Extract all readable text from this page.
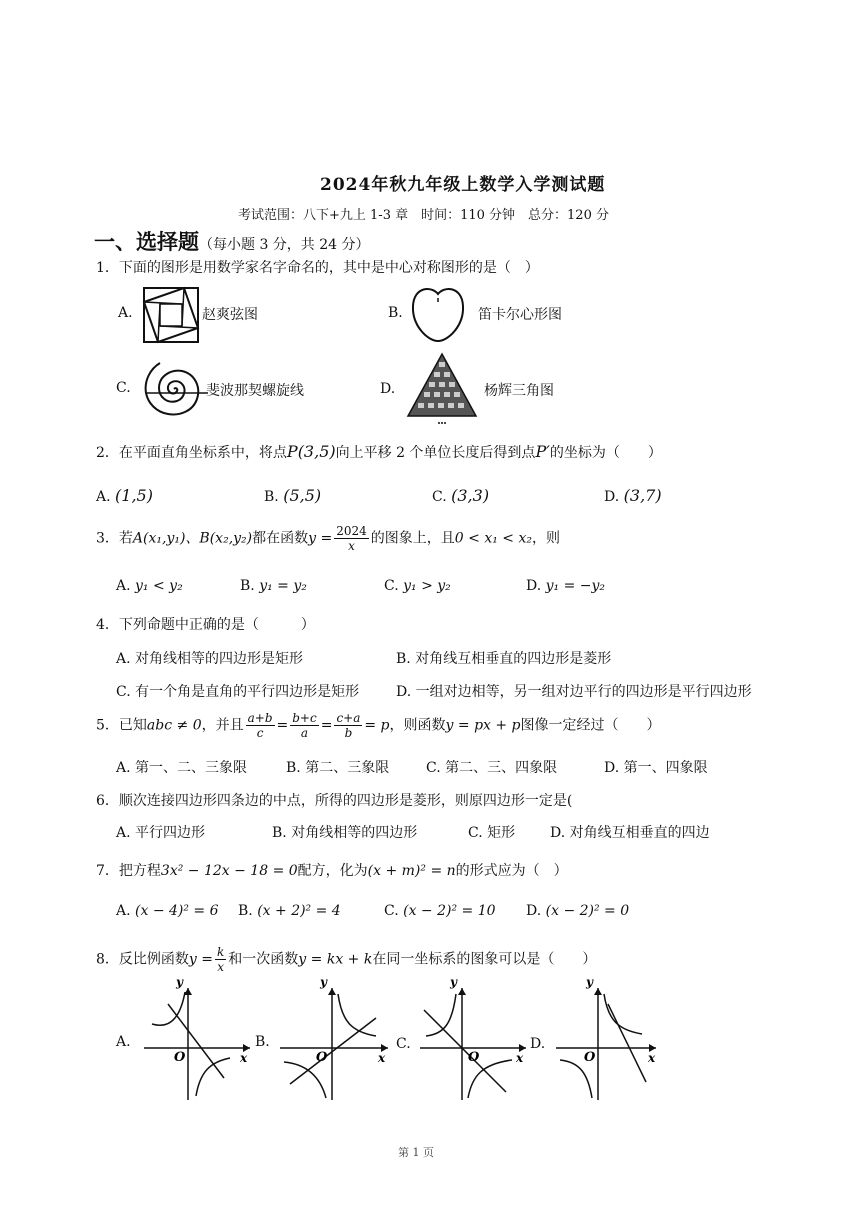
2024年秋九年级上数学入学测试题
考试范围：八下+九上 1-3 章　时间：110 分钟　总分：120 分
一、选择题（每小题 3 分，共 24 分）
1．下面的图形是用数学家名字命名的，其中是中心对称图形的是（　）
A.	赵爽弦图	B.	笛卡尔心形图
C.	斐波那契螺旋线	D.	杨辉三角图
2．在平面直角坐标系中，将点P(3,5)向上平移 2 个单位长度后得到点P′的坐标为（　　）
A. (1,5)	B. (5,5)	C. (3,3)	D. (3,7)
3．若A(x₁,y₁)、B(x₂,y₂)都在函数$y = \frac{2024}{x}$ 的图象上，且0 < x₁ < x₂，则
A. y₁ < y₂	B. y₁ = y₂	C. y₁ > y₂	D. y₁ = −y₂
4．下列命题中正确的是（　　　）
A. 对角线相等的四边形是矩形	B. 对角线互相垂直的四边形是菱形
C. 有一个角是直角的平行四边形是矩形	D. 一组对边相等，另一组对边平行的四边形是平行四边形
5．已知abc ≠ 0，并且 $\frac{a+b}{c} = \frac{b+c}{a} = \frac{c+a}{b} = p$，则函数y = px + p图像一定经过（　　）
A. 第一、二、三象限	B. 第二、三象限	C. 第二、三、四象限	D. 第一、四象限
6．顺次连接四边形四条边的中点，所得的四边形是菱形，则原四边形一定是(
A. 平行四边形	B. 对角线相等的四边形	C. 矩形 D. 对角线互相垂直的四边
7．把方程3x² − 12x − 18 = 0配方，化为(x + m)² = n的形式应为（　）
A. (x − 4)² = 6 B. (x + 2)² = 4	C. (x − 2)² = 10 D. (x − 2)² = 0
8．反比例函数$y = \frac{k}{x}$ 和一次函数y = kx + k在同一坐标系的图象可以是（　　）
A.
y
x
O
B.
y
x
O
C.
y
x
O
D.
y
x
O
第 1 页
